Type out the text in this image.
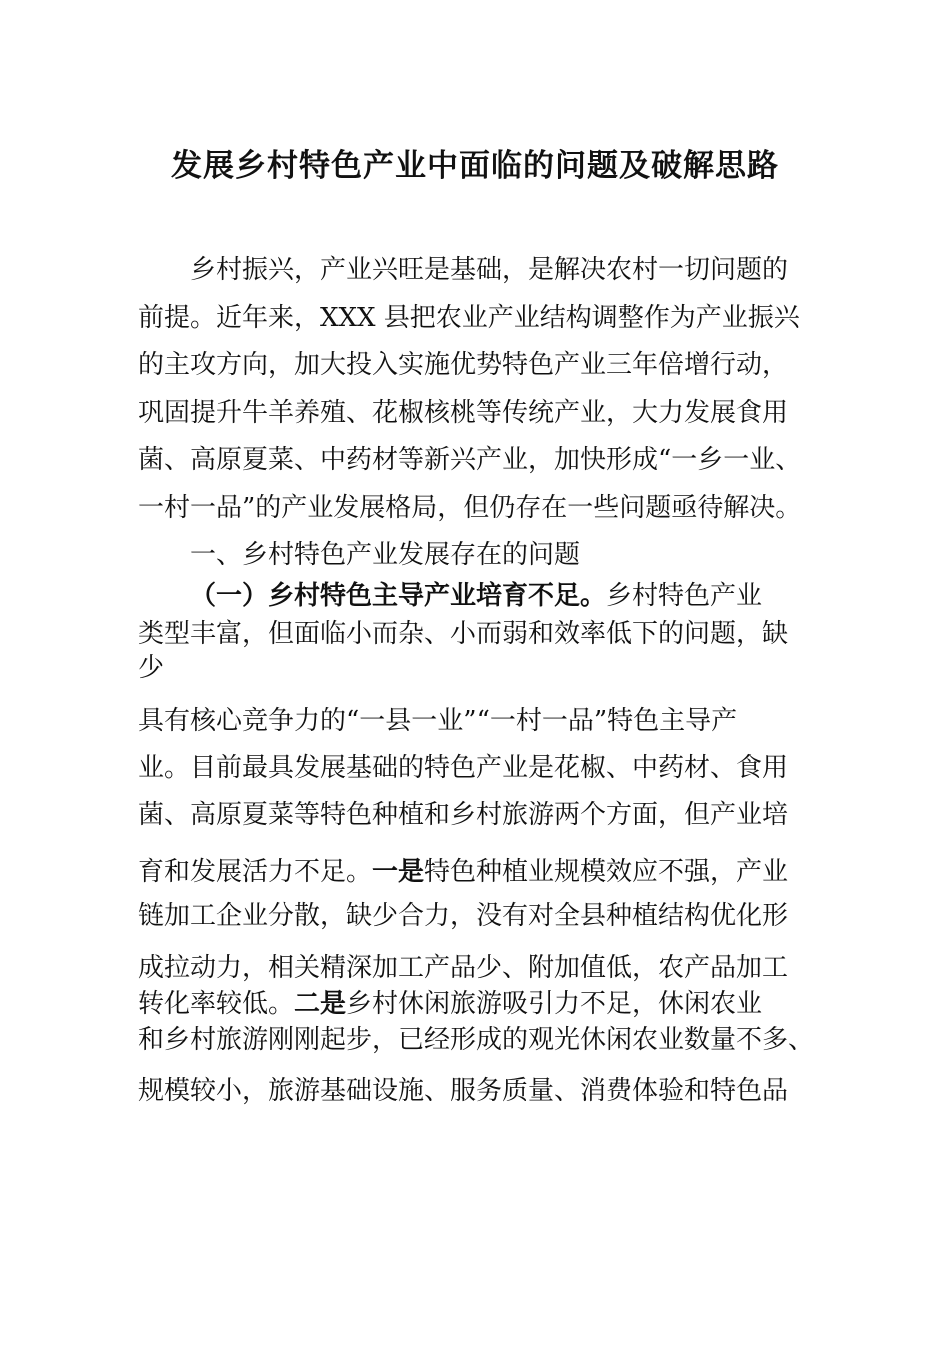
发展乡村特色产业中面临的问题及破解思路
乡村振兴，产业兴旺是基础，是解决农村一切问题的
前提。近年来，XXX 县把农业产业结构调整作为产业振兴
的主攻方向，加大投入实施优势特色产业三年倍增行动，
巩固提升牛羊养殖、花椒核桃等传统产业，大力发展食用
菌、高原夏菜、中药材等新兴产业，加快形成“一乡一业、
一村一品”的产业发展格局，但仍存在一些问题亟待解决。
一、乡村特色产业发展存在的问题
（一）乡村特色主导产业培育不足。乡村特色产业
类型丰富，但面临小而杂、小而弱和效率低下的问题，缺
少
具有核心竞争力的“一县一业”“一村一品”特色主导产
业。目前最具发展基础的特色产业是花椒、中药材、食用
菌、高原夏菜等特色种植和乡村旅游两个方面，但产业培
育和发展活力不足。一是特色种植业规模效应不强，产业
链加工企业分散，缺少合力，没有对全县种植结构优化形
成拉动力，相关精深加工产品少、附加值低，农产品加工
转化率较低。二是乡村休闲旅游吸引力不足，休闲农业
和乡村旅游刚刚起步，已经形成的观光休闲农业数量不多、
规模较小，旅游基础设施、服务质量、消费体验和特色品
